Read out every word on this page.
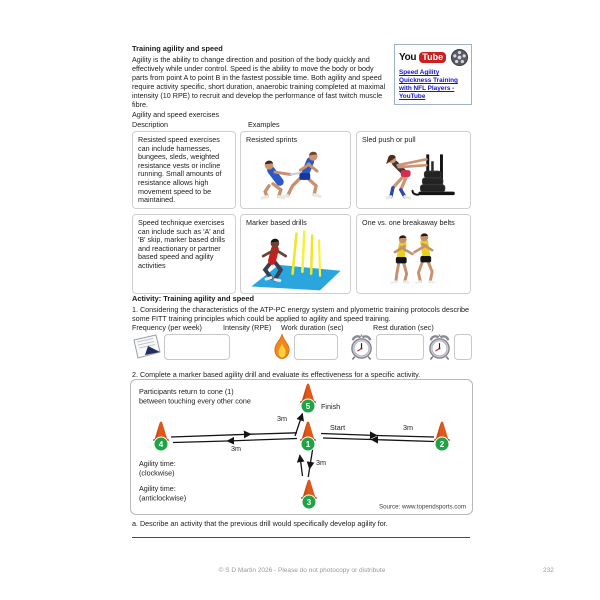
You Tube
Speed Agility Quickness Training with NFL Players - YouTube
Training agility and speed

Agility is the ability to change direction and position of the body quickly and effectively while under control. Speed is the ability to move the body or body parts from point A to point B in the fastest possible time. Both agility and speed require activity specific, short duration, anaerobic training completed at maximal intensity (10 RPE) to recruit and develop the performance of fast twitch muscle fibre.

Agility and speed exercises
Description	Examples

Resisted speed exercises can include harnesses, bungees, sleds, weighted resistance vests or incline running. Small amounts of resistance allows high movement speed to be maintained.

Resisted sprints	Sled push or pull

Speed technique exercises can include such as 'A' and 'B' skip, marker based drills and reactionary or partner based speed and agility activities

Marker based drills	One vs. one breakaway belts
Activity: Training agility and speed

1. Considering the characteristics of the ATP-PC energy system and plyometric training protocols describe some FITT training principles which could be applied to agility and speed training.

Frequency (per week)	Intensity (RPE) Work duration (sec)	Rest duration (sec)

2. Complete a marker based agility drill and evaluate its effectiveness for a specific activity.

5
4	1	2
3
Participants return to cone (1)
between touching every other cone
Finish
Start
3m
3m
3m
3m
Agility time:
(clockwise)
Agility time:
(anticlockwise)
Source: www.topendsports.com

a. Describe an activity that the previous drill would specifically develop agility for.

© S D Martin 2026 - Please do not photocopy or distribute	232
